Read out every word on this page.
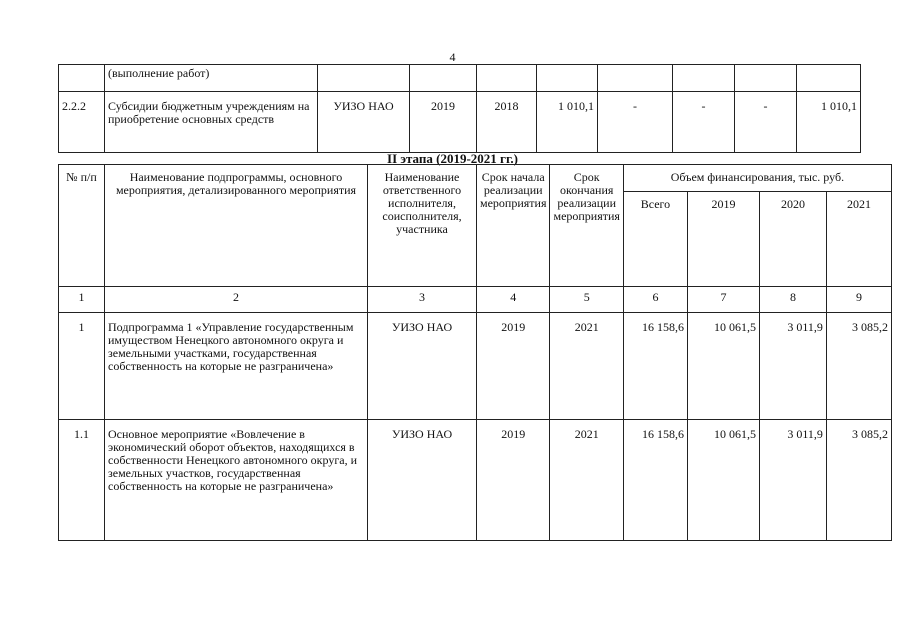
4
	(выполнение работ)								
2.2.2	Субсидии бюджетным учреждениям на приобретение основных средств	УИЗО НАО	2019	2018	1 010,1	-	-	-	1 010,1
II этапа (2019-2021 гг.)
№ п/п	Наименование подпрограммы, основного мероприятия, детализированного мероприятия	Наименование ответственного исполнителя, соисполнителя, участника	Срок начала реализации мероприятия	Срок окончания реализации мероприятия	Объем финансирования, тыс. руб.			
					Всего	2019	2020	2021
1	2	3	4	5	6	7	8	9
1	Подпрограмма 1 «Управление государственным имуществом Ненецкого автономного округа и земельными участками, государственная собственность на которые не разграничена»	УИЗО НАО	2019	2021	16 158,6	10 061,5	3 011,9	3 085,2
1.1	Основное мероприятие «Вовлечение в экономический оборот объектов, находящихся в собственности Ненецкого автономного округа, и земельных участков, государственная собственность на которые не разграничена»	УИЗО НАО	2019	2021	16 158,6	10 061,5	3 011,9	3 085,2
